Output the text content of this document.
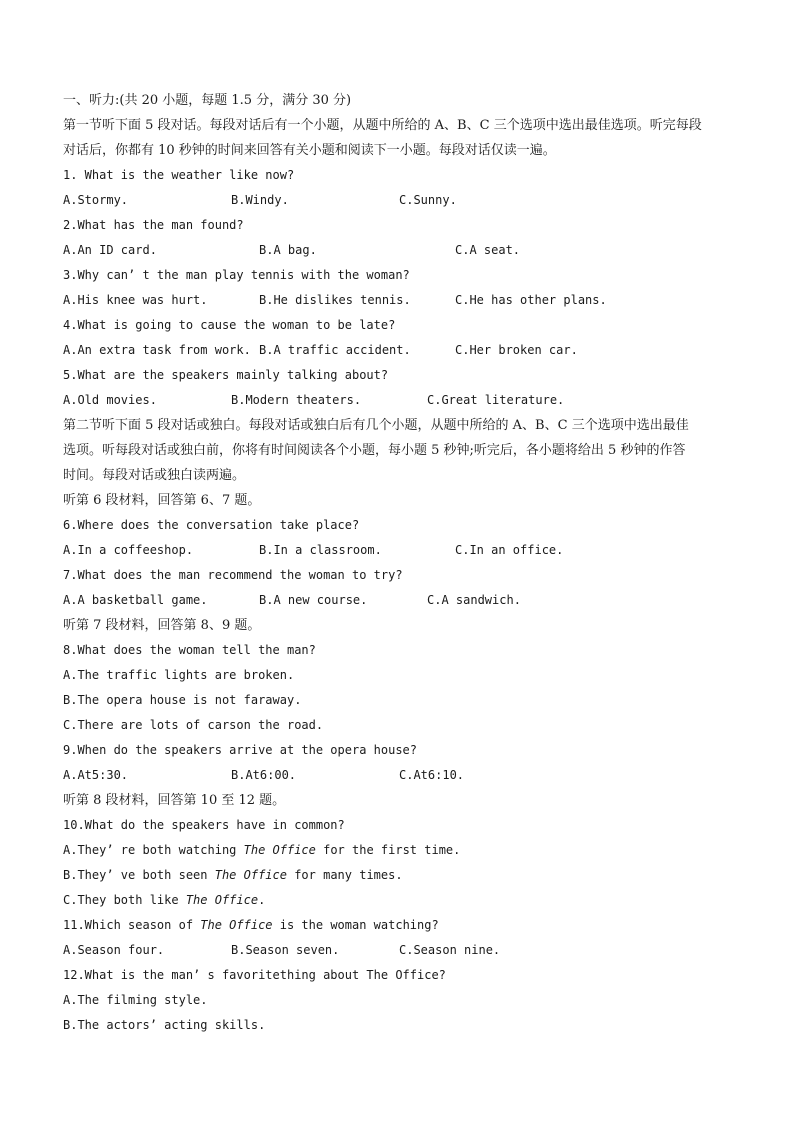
一、听力:(共 20 小题，每题 1.5 分，满分 30 分)
第一节听下面 5 段对话。每段对话后有一个小题，从题中所给的 A、B、C 三个选项中选出最佳选项。听完每段
对话后，你都有 10 秒钟的时间来回答有关小题和阅读下一小题。每段对话仅读一遍。
1. What is the weather like now?
A.Stormy.	B.Windy.	C.Sunny.
2.What has the man found?
A.An ID card.	B.A bag.	C.A seat.
3.Why can’ t the man play tennis with the woman?
A.His knee was hurt.	B.He dislikes tennis.	C.He has other plans.
4.What is going to cause the woman to be late?
A.An extra task from work. B.A traffic accident.	C.Her broken car.
5.What are the speakers mainly talking about?
A.Old movies.	B.Modern theaters.	C.Great literature.
第二节听下面 5 段对话或独白。每段对话或独白后有几个小题，从题中所给的 A、B、C 三个选项中选出最佳
选项。听每段对话或独白前，你将有时间阅读各个小题，每小题 5 秒钟;听完后，各小题将给出 5 秒钟的作答
时间。每段对话或独白读两遍。
听第 6 段材料，回答第 6、7 题。
6.Where does the conversation take place?
A.In a coffeeshop.	B.In a classroom.	C.In an office.
7.What does the man recommend the woman to try?
A.A basketball game.	B.A new course.	C.A sandwich.
听第 7 段材料，回答第 8、9 题。
8.What does the woman tell the man?
A.The traffic lights are broken.
B.The opera house is not faraway.
C.There are lots of carson the road.
9.When do the speakers arrive at the opera house?
A.At5:30.	B.At6:00.	C.At6:10.
听第 8 段材料，回答第 10 至 12 题。
10.What do the speakers have in common?
A.They’ re both watching The Office for the first time.
B.They’ ve both seen The Office for many times.
C.They both like The Office.
11.Which season of The Office is the woman watching?
A.Season four.	B.Season seven.	C.Season nine.
12.What is the man’ s favoritething about The Office?
A.The filming style.
B.The actors’ acting skills.
